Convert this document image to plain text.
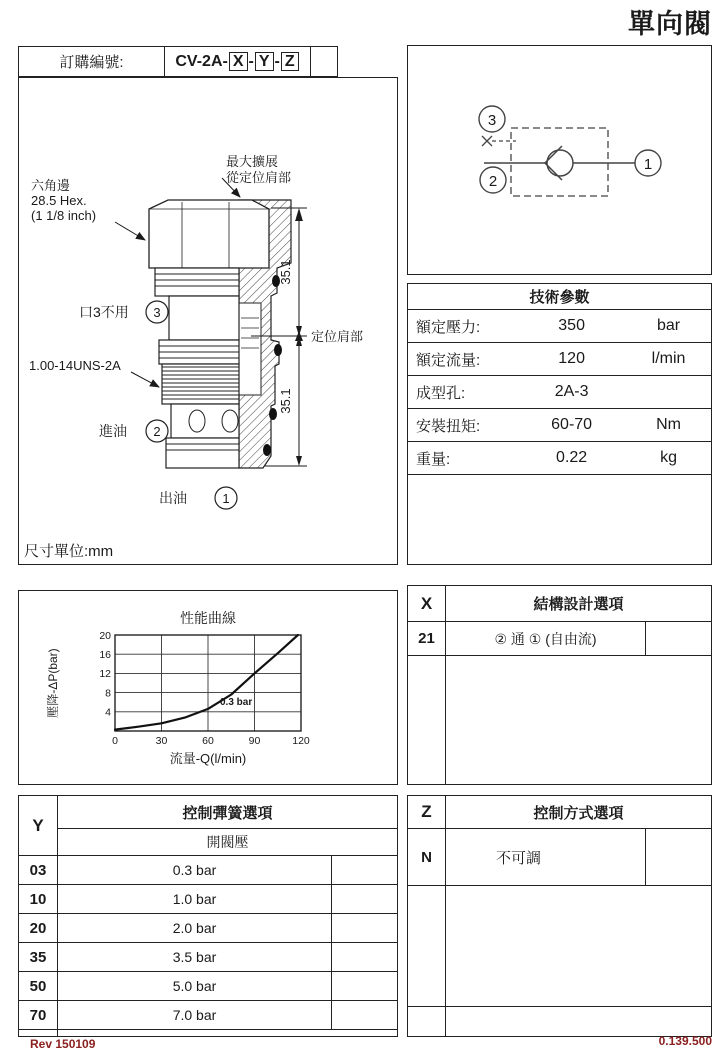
單向閥
訂購編號:	CV-2A- X - Y - Z
35.1
35.1
最大擴展
從定位肩部
六角邊
28.5 Hex.
(1 1/8 inch)
口3不用 3
定位肩部
1.00-14UNS-2A
進油 2
出油	1
尺寸單位:mm
3
2
1
技術參數
額定壓力:	350	bar
額定流量:	120	l/min
成型孔:	2A-3
安裝扭矩:	60-70	Nm
重量:	0.22	kg
性能曲線
0.3 bar
20
16
12
8
4
0	30	60	90	120
流量-Q(l/min)
壓降-ΔP(bar)
X	結構設計選項
21	② 通 ① (自由流)
Y
控制彈簧選項
開閥壓
03	0.3 bar
10	1.0 bar
20	2.0 bar
35	3.5 bar
50	5.0 bar
70	7.0 bar
Z	控制方式選項
N	不可調
Rev 150109	0.139.500
